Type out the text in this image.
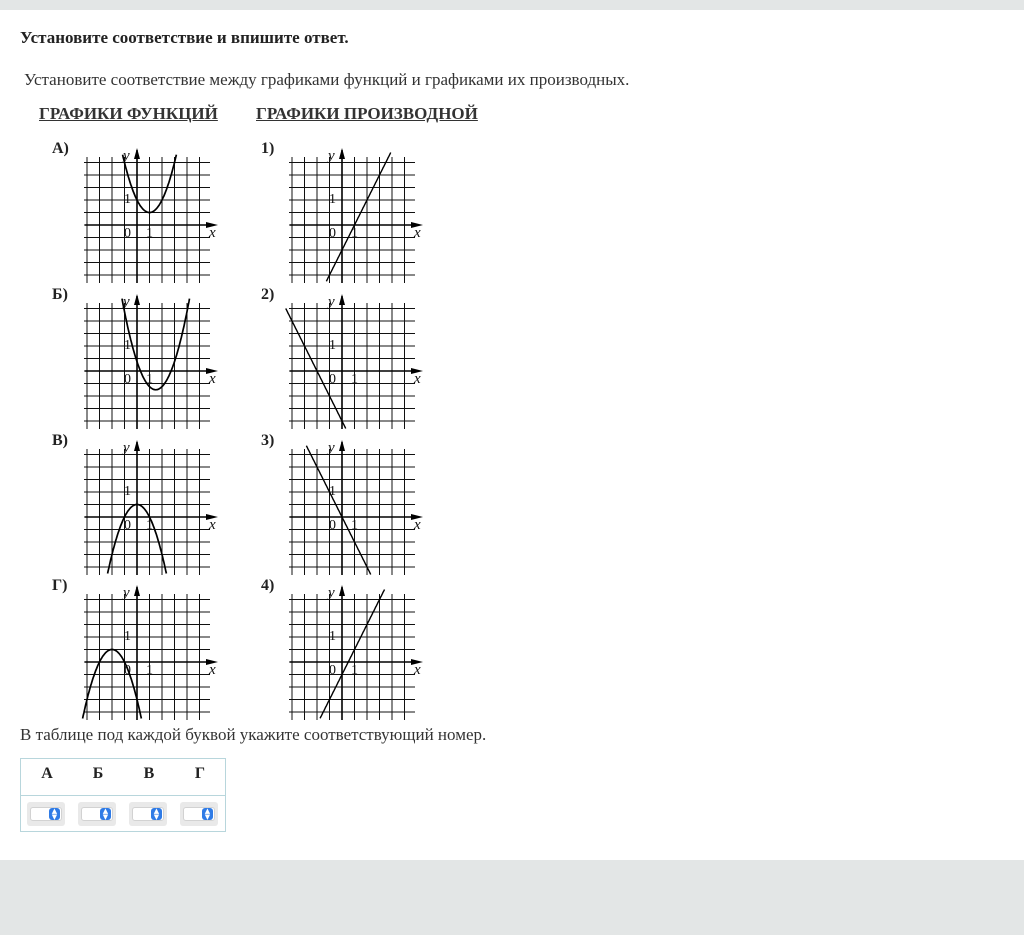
Установите соответствие и впишите ответ.
Установите соответствие между графиками функций и графиками их производных.
ГРАФИКИ ФУНКЦИЙ ГРАФИКИ ПРОИЗВОДНОЙ
А)
Б)
В)
Г)
1)
2)
3)
4)
y
x
0 1
1
y
x
0 1
1
y
x
0 1
1
y
x
0 1
1
y
x
0 1
1
y
x
0 1
1
y
x
0 1
1
y
x
0 1
1
В таблице под каждой буквой укажите соответствующий номер.
А	Б	В	Г
▲
▼
▲
▼
▲
▼
▲
▼
